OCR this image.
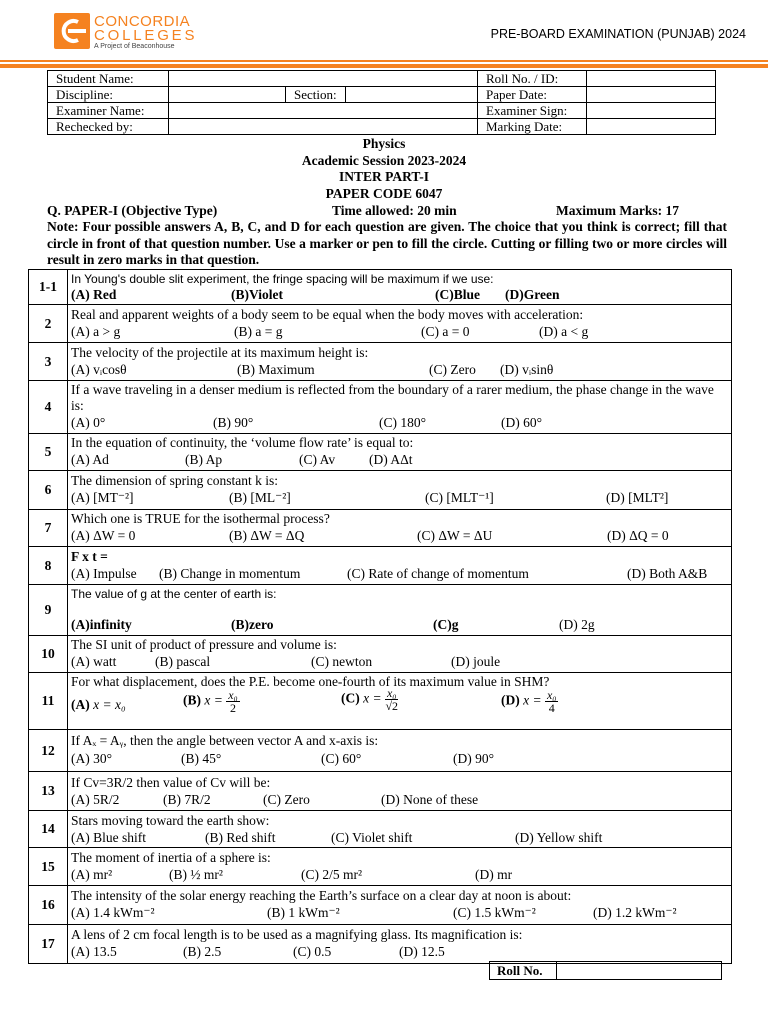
CONCORDIA
COLLEGES
A Project of Beaconhouse
PRE-BOARD EXAMINATION (PUNJAB) 2024
Student Name:				Roll No. / ID:	
Discipline:		Section:		Paper Date:	
Examiner Name:				Examiner Sign:	
Rechecked by:				Marking Date:	
Physics
Academic Session 2023-2024
INTER PART-I
PAPER CODE 6047
Q. PAPER-I (Objective Type)	Time allowed: 20 min	Maximum Marks: 17
Note: Four possible answers A, B, C, and D for each question are given. The choice that you think is correct; fill that circle in front of that question number. Use a marker or pen to fill the circle. Cutting or filling two or more circles will result in zero marks in that question.
1-1	In Young's double slit experiment, the fringe spacing will be maximum if we use:
(A) Red	(B)Violet	(C)Blue (D)Green
2
Real and apparent weights of a body seem to be equal when the body moves with acceleration:
(A) a > g	(B) a = g	(C) a = 0	(D) a < g
3
The velocity of the projectile at its maximum height is:
(A) vᵢcosθ	(B) Maximum	(C) Zero (D) vᵢsinθ
4
If a wave traveling in a denser medium is reflected from the boundary of a rarer medium, the phase change in the wave is:
(A) 0°	(B) 90°	(C) 180°	(D) 60°
5
In the equation of continuity, the ‘volume flow rate’ is equal to:
(A) Ad	(B) Ap	(C) Av	(D) AΔt
6
The dimension of spring constant k is:
(A) [MT⁻²]	(B) [ML⁻²]	(C) [MLT⁻¹]	(D) [MLT²]
7
Which one is TRUE for the isothermal process?
(A) ΔW = 0	(B) ΔW = ΔQ	(C) ΔW = ΔU	(D) ΔQ = 0
8
F x t =
(A) Impulse (B) Change in momentum	(C) Rate of change of momentum	(D) Both A&B
9
The value of g at the center of earth is:
(A)infinity	(B)zero	(C)g	(D) 2g
10
The SI unit of product of pressure and volume is:
(A) watt	(B) pascal	(C) newton	(D) joule
11
For what displacement, does the P.E. become one-fourth of its maximum value in SHM?
(A) x = x₀	(B) $x = \frac{\text{x₀}}{2}$	(C) $x = \frac{\text{x₀}}{√2}$	(D) $x = \frac{\text{x₀}}{4}$
12
If Aₓ = Aᵧ, then the angle between vector A and x-axis is:
(A) 30°	(B) 45°	(C) 60°	(D) 90°
13
If Cv=3R/2 then value of Cv will be:
(A) 5R/2	(B) 7R/2	(C) Zero	(D) None of these
14
Stars moving toward the earth show:
(A) Blue shift	(B) Red shift	(C) Violet shift	(D) Yellow shift
15
The moment of inertia of a sphere is:
(A) mr²	(B) ½ mr²	(C) 2/5 mr²	(D) mr
16
The intensity of the solar energy reaching the Earth’s surface on a clear day at noon is about:
(A) 1.4 kWm⁻²	(B) 1 kWm⁻²	(C) 1.5 kWm⁻²	(D) 1.2 kWm⁻²
17
A lens of 2 cm focal length is to be used as a magnifying glass. Its magnification is:
(A) 13.5	(B) 2.5	(C) 0.5	(D) 12.5
Roll No.
